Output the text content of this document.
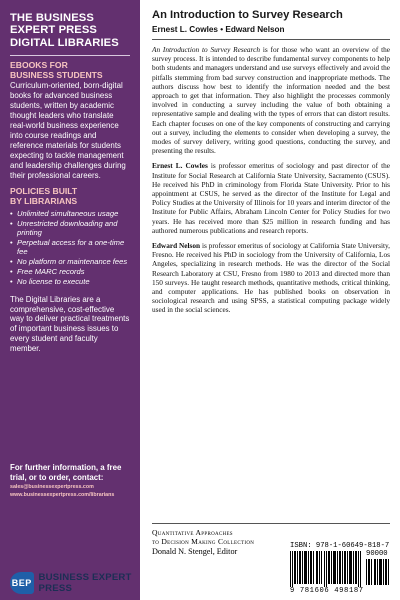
THE BUSINESS
EXPERT PRESS
DIGITAL LIBRARIES
EBOOKS FOR
BUSINESS STUDENTS
Curriculum-oriented, born-digital books for advanced business students, written by academic thought leaders who translate real-world business experience into course readings and reference materials for students expecting to tackle management and leadership challenges during their professional careers.
POLICIES BUILT
BY LIBRARIANS
• Unlimited simultaneous usage
• Unrestricted downloading and printing
• Perpetual access for a one-time fee
• No platform or maintenance fees
• Free MARC records
• No license to execute
The Digital Libraries are a comprehensive, cost-effective way to deliver practical treatments of important business issues to every student and faculty member.
For further information, a free trial, or to order, contact:
sales@businessexpertpress.com
www.businessexpertpress.com/librarians
BEP BUSINESS EXPERT PRESS
An Introduction to Survey Research
Ernest L. Cowles • Edward Nelson

An Introduction to Survey Research is for those who want an overview of the survey process. It is intended to describe fundamental survey components to help both students and managers understand and use surveys effectively and avoid the pitfalls stemming from bad survey construction and inappropriate methods. The authors discuss how best to identify the information needed and the best approach to get that information. They also highlight the processes commonly involved in conducting a survey including the value of both obtaining a representative sample and dealing with the types of errors that can distort results. Each chapter focuses on one of the key components of constructing and carrying out a survey, including the elements to consider when developing a survey, the modes of survey delivery, writing good questions, conducting the survey, and presenting the results.

Ernest L. Cowles is professor emeritus of sociology and past director of the Institute for Social Research at California State University, Sacramento (CSUS). He received his PhD in criminology from Florida State University. Prior to his appointment at CSUS, he served as the director of the Institute for Legal and Policy Studies at the University of Illinois for 10 years and interim director of the Institute for Public Affairs, Abraham Lincoln Center for Policy Studies for two years. He has received more than $25 million in research funding and has authored numerous publications and research reports.

Edward Nelson is professor emeritus of sociology at California State University, Fresno. He received his PhD in sociology from the University of California, Los Angeles, specializing in research methods. He was the director of the Social Research Laboratory at CSU, Fresno from 1980 to 2013 and directed more than 150 surveys. He taught research methods, quantitative methods, critical thinking, and computer applications. He has published books on observation in sociological research and using SPSS, a statistical computing package widely used in the social sciences.

Quantitative Approaches
to Decision Making Collection
Donald N. Stengel, Editor
ISBN: 978-1-60649-818-7
90000
9 781606 498187
